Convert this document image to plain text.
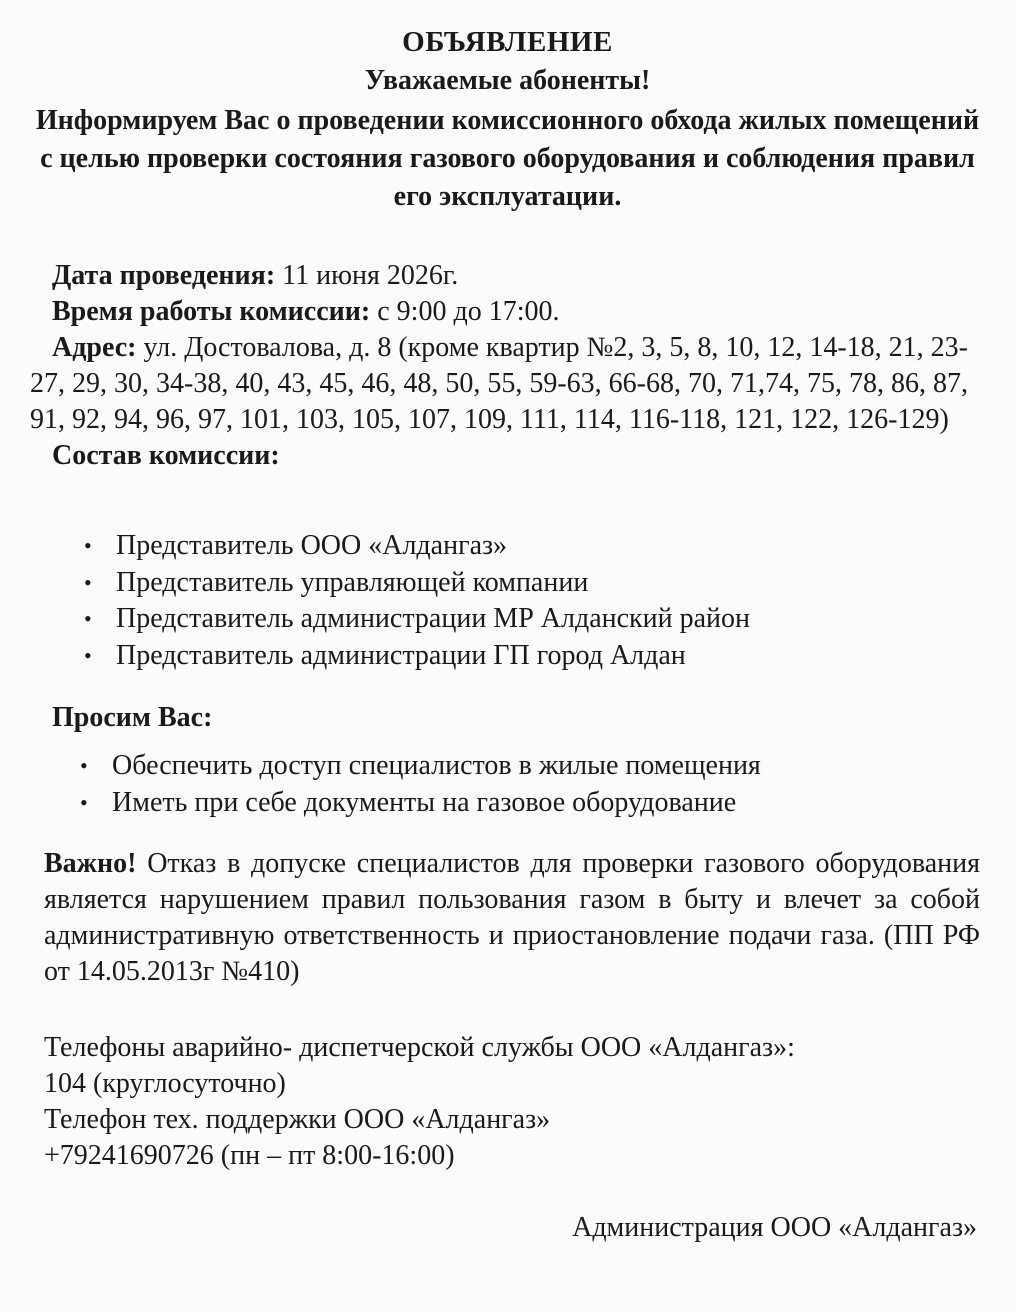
ОБЪЯВЛЕНИЕ
Уважаемые абоненты!
Информируем Вас о проведении комиссионного обхода жилых помещений с целью проверки состояния газового оборудования и соблюдения правил его эксплуатации.
Дата проведения: 11 июня 2026г.
Время работы комиссии: с 9:00 до 17:00.
Адрес: ул. Достовалова, д. 8 (кроме квартир №2, 3, 5, 8, 10, 12, 14-18, 21, 23-27, 29, 30, 34-38, 40, 43, 45, 46, 48, 50, 55, 59-63, 66-68, 70, 71,74, 75, 78, 86, 87, 91, 92, 94, 96, 97, 101, 103, 105, 107, 109, 111, 114, 116-118, 121, 122, 126-129)
Состав комиссии:
• Представитель ООО «Алдангаз»
• Представитель управляющей компании
• Представитель администрации МР Алданский район
• Представитель администрации ГП город Алдан
Просим Вас:
• Обеспечить доступ специалистов в жилые помещения
• Иметь при себе документы на газовое оборудование
Важно! Отказ в допуске специалистов для проверки газового оборудования является нарушением правил пользования газом в быту и влечет за собой административную ответственность и приостановление подачи газа. (ПП РФ от 14.05.2013г №410)
Телефоны аварийно- диспетчерской службы ООО «Алдангаз»:
104 (круглосуточно)
Телефон тех. поддержки ООО «Алдангаз»
+79241690726 (пн – пт 8:00-16:00)
Администрация ООО «Алдангаз»
